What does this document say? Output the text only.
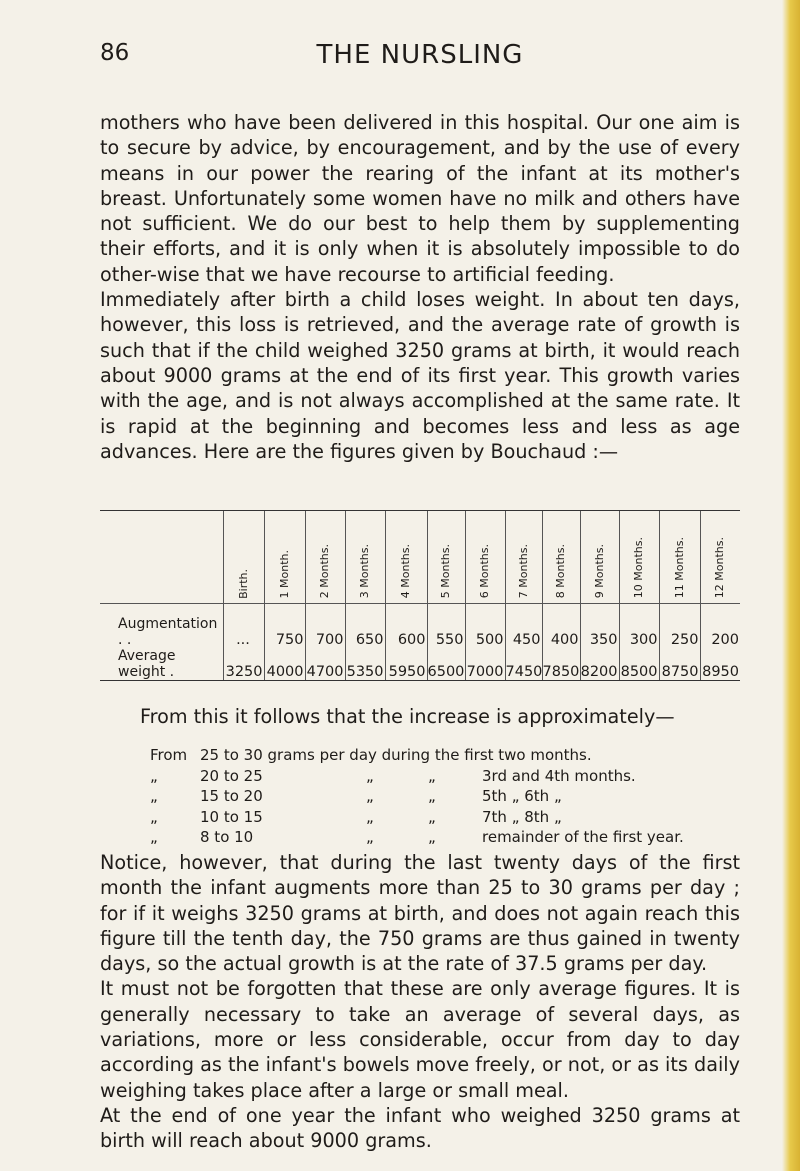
86	THE NURSLING

mothers who have been delivered in this hospital. Our one aim is to secure by advice, by encouragement, and by the use of every means in our power the rearing of the infant at its mother's breast. Unfortunately some women have no milk and others have not sufficient. We do our best to help them by supplementing their efforts, and it is only when it is absolutely impossible to do other-wise that we have recourse to artificial feeding.

Immediately after birth a child loses weight. In about ten days, however, this loss is retrieved, and the average rate of growth is such that if the child weighed 3250 grams at birth, it would reach about 9000 grams at the end of its first year. This growth varies with the age, and is not always accomplished at the same rate. It is rapid at the beginning and becomes less and less as age advances. Here are the figures given by Bouchaud :—

	Birth.	1 Month.	2 Months.	3 Months.	4 Months.	5 Months.	6 Months.	7 Months.	8 Months.	9 Months.	10 Months.	11 Months.	12 Months.
Augmentation . .	...	750	700	650	600	550	500	450	400	350	300	250	200
Average weight .	3250	4000	4700	5350	5950	6500	7000	7450	7850	8200	8500	8750	8950

From this it follows that the increase is approximately—

From 25 to 30 grams per day during the first two months.
„	20 to 25	„	„	3rd and 4th months.
„	15 to 20	„	„	5th „ 6th „
„	10 to 15	„	„	7th „ 8th „
„	8 to 10	„	„	remainder of the first year.

Notice, however, that during the last twenty days of the first month the infant augments more than 25 to 30 grams per day ; for if it weighs 3250 grams at birth, and does not again reach this figure till the tenth day, the 750 grams are thus gained in twenty days, so the actual growth is at the rate of 37.5 grams per day.

It must not be forgotten that these are only average figures. It is generally necessary to take an average of several days, as variations, more or less considerable, occur from day to day according as the infant's bowels move freely, or not, or as its daily weighing takes place after a large or small meal.

At the end of one year the infant who weighed 3250 grams at birth will reach about 9000 grams.
